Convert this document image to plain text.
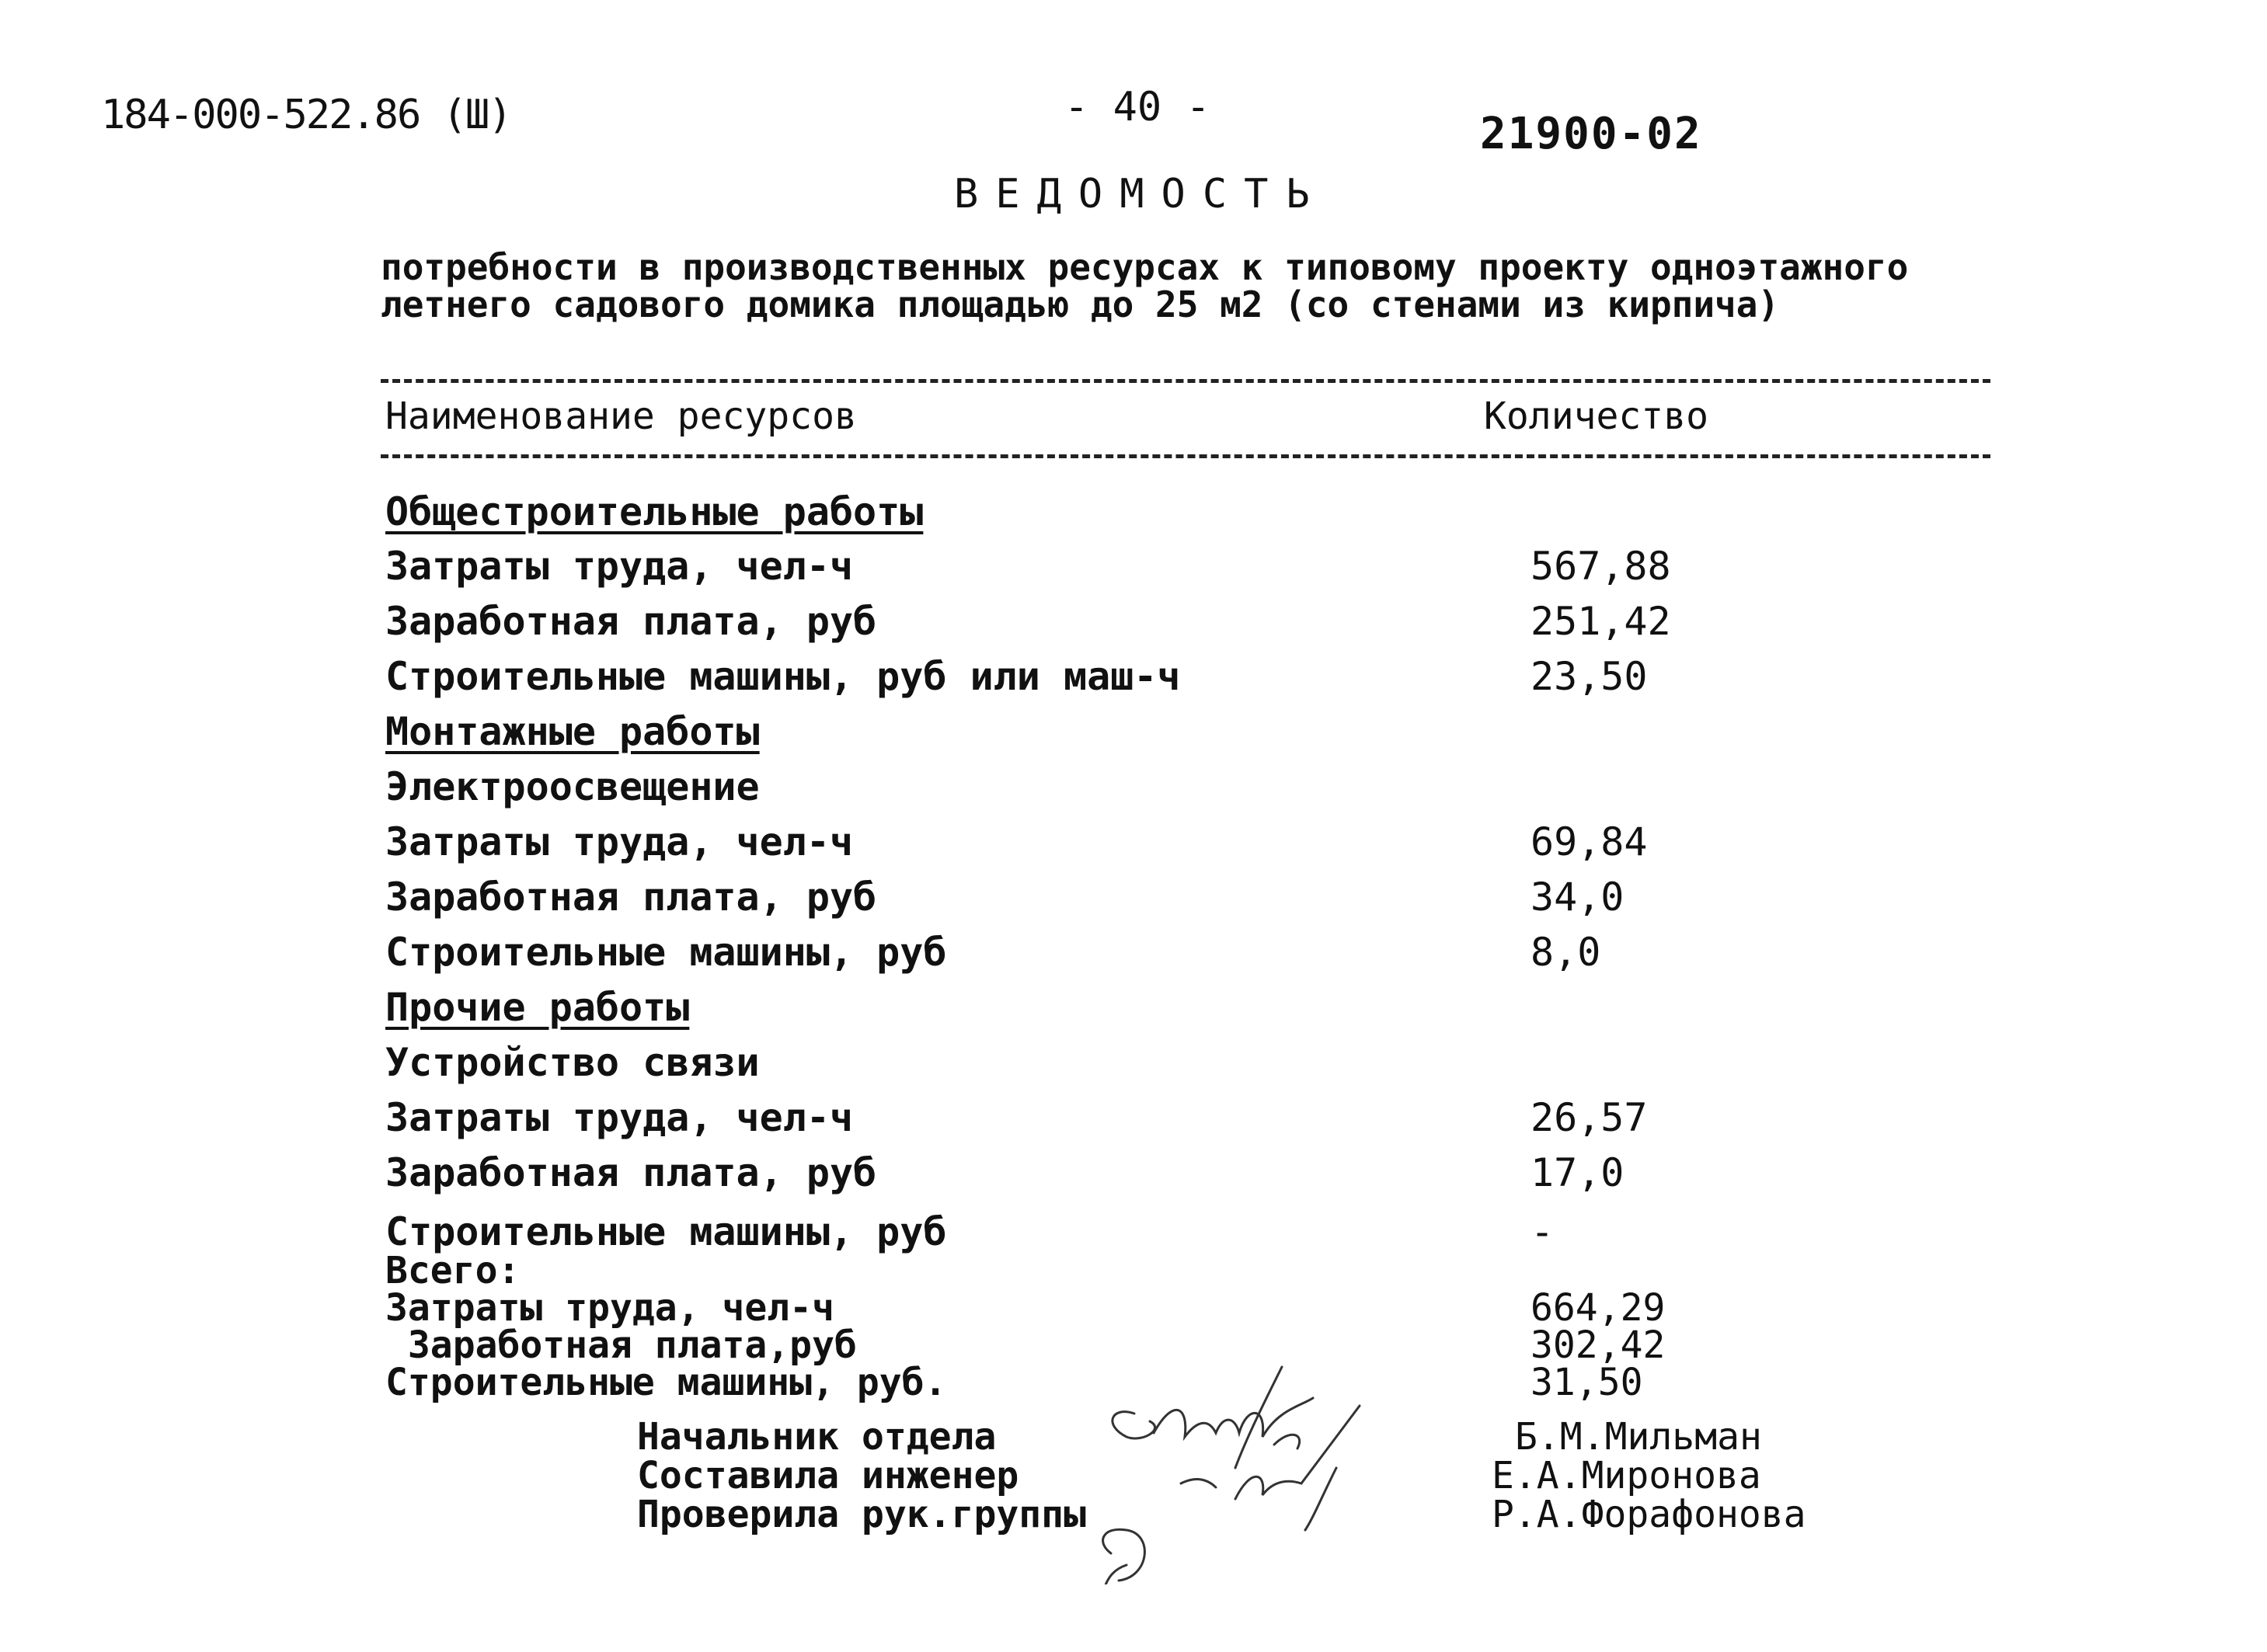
184-000-522.86 (Ш)	- 40 -
21900-02
ВЕДОМОСТЬ
потребности в производственных ресурсах к типовому проекту одноэтажного
летнего садового домика площадью до 25 м2 (со стенами из кирпича)
Наименование ресурсов	Количество
Общестроительные работы
Затраты труда, чел-ч	567,88
Заработная плата, руб	251,42
Строительные машины, руб или маш-ч	23,50
Монтажные работы
Электроосвещение
Затраты труда, чел-ч	69,84
Заработная плата, руб	34,0
Строительные машины, руб	8,0
Прочие работы
Устройство связи
Затраты труда, чел-ч	26,57
Заработная плата, руб	17,0
Строительные машины, руб	-
Всего:
Затраты труда, чел-ч	664,29
Заработная плата,руб	302,42
Строительные машины, руб.	31,50
Начальник отдела	Б.М.Мильман
Составила инженер	Е.А.Миронова
Проверила рук.группы	Р.А.Форафонова
